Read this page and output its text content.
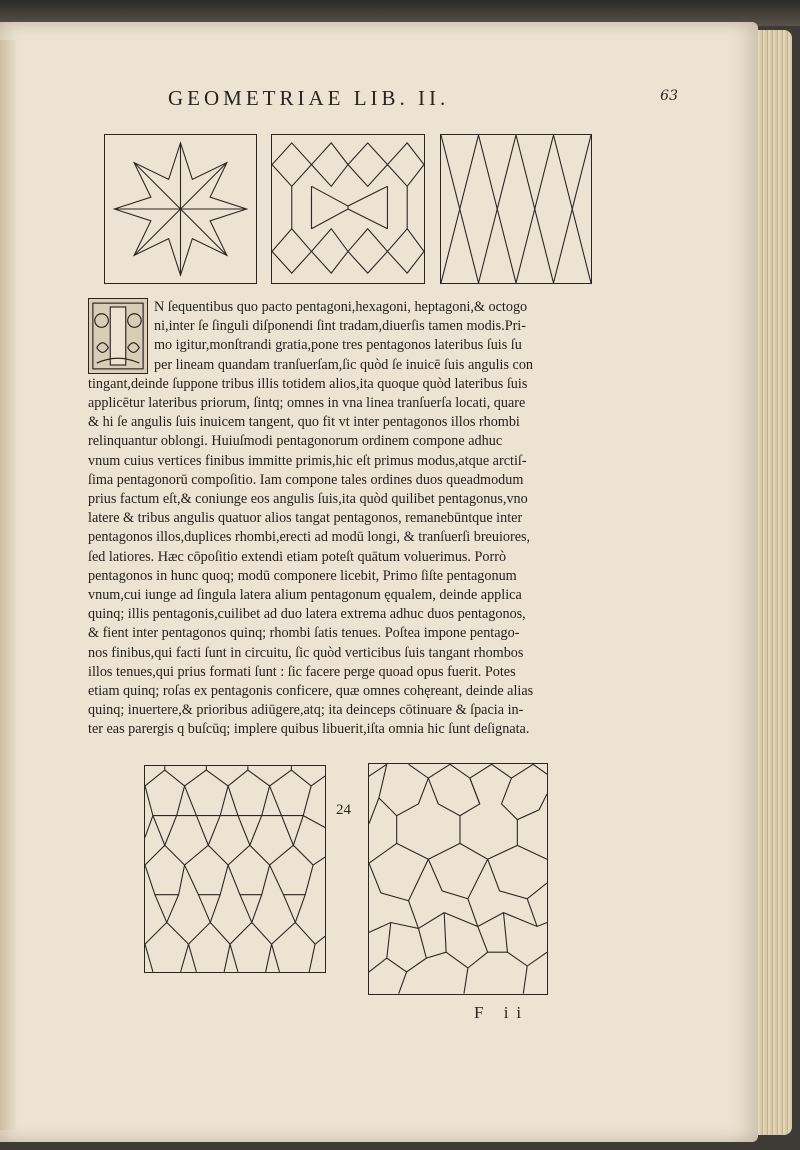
GEOMETRIAE LIB. II.	63

N ſequentibus quo pacto pentagoni,hexagoni, heptagoni,& octogo

ni,inter ſe ſinguli diſponendi ſint tradam,diuerſis tamen modis.Pri-

mo igitur,monſtrandi gratia,pone tres pentagonos lateribus ſuis ſu

per lineam quandam tranſuerſam,ſic quòd ſe inuicē ſuis angulis con

tingant,deinde ſuppone tribus illis totidem alios,ita quoque quòd lateribus ſuis

applicētur lateribus priorum, ſintq; omnes in vna linea tranſuerſa locati, quare

& hi ſe angulis ſuis inuicem tangent, quo fit vt inter pentagonos illos rhombi

relinquantur oblongi. Huiuſmodi pentagonorum ordinem compone adhuc

vnum cuius vertices finibus immitte primis,hic eſt primus modus,atque arctiſ-

ſima pentagonorū compoſitio. Iam compone tales ordines duos queadmodum

prius factum eſt,& coniunge eos angulis ſuis,ita quòd quilibet pentagonus,vno

latere & tribus angulis quatuor alios tangat pentagonos, remanebūntque inter

pentagonos illos,duplices rhombi,erecti ad modū longi, & tranſuerſi breuiores,

ſed latiores. Hæc cōpoſitio extendi etiam poteſt quātum voluerimus. Porrò

pentagonos in hunc quoq; modū componere licebit, Primo ſiſte pentagonum

vnum,cui iunge ad ſingula latera alium pentagonum ęqualem, deinde applica

quinq; illis pentagonis,cuilibet ad duo latera extrema adhuc duos pentagonos,

& fient inter pentagonos quinq; rhombi ſatis tenues. Poſtea impone pentago-

nos finibus,qui facti ſunt in circuitu, ſic quòd verticibus ſuis tangant rhombos

illos tenues,qui prius formati ſunt : ſic facere perge quoad opus fuerit. Potes

etiam quinq; roſas ex pentagonis conficere, quæ omnes cohęreant, deinde alias

quinq; inuertere,& prioribus adiūgere,atq; ita deinceps cōtinuare & ſpacia in-

ter eas parergis q buſcūq; implere quibus libuerit,iſta omnia hic ſunt deſignata.

24
F ii
